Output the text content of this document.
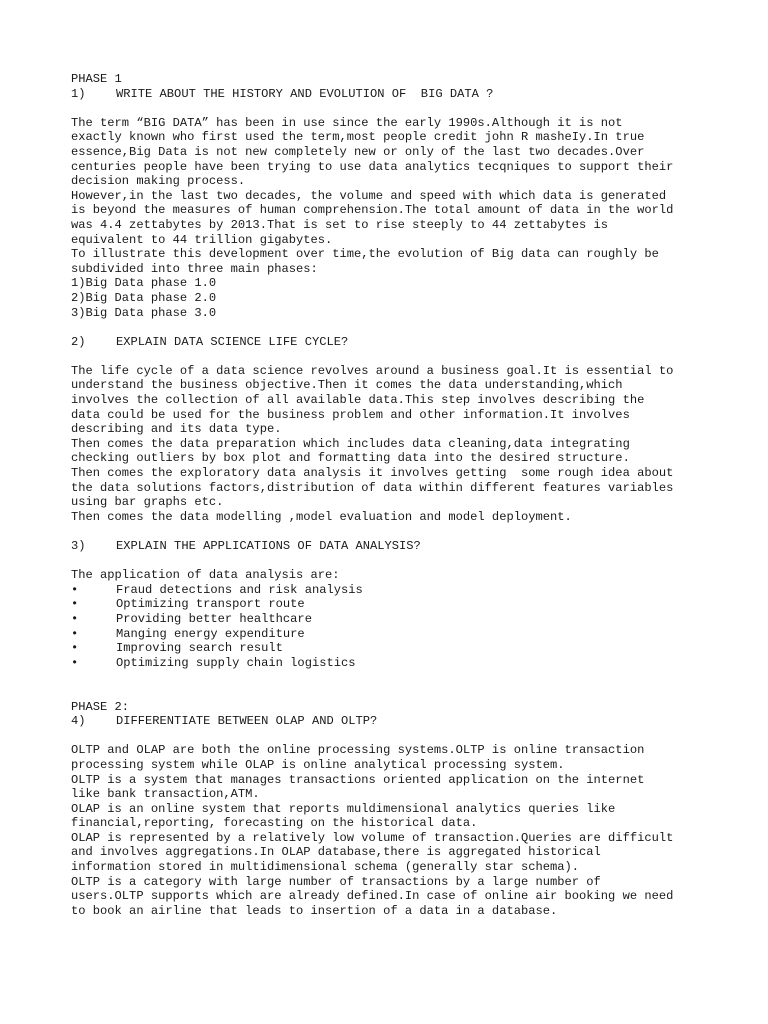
PHASE 1
1)	WRITE ABOUT THE HISTORY AND EVOLUTION OF  BIG DATA ?
The term “BIG DATA” has been in use since the early 1990s.Although it is not
exactly known who first used the term,most people credit john R masheIy.In true
essence,Big Data is not new completely new or only of the last two decades.Over
centuries people have been trying to use data analytics tecqniques to support their
decision making process.
However,in the last two decades, the volume and speed with which data is generated
is beyond the measures of human comprehension.The total amount of data in the world
was 4.4 zettabytes by 2013.That is set to rise steeply to 44 zettabytes is
equivalent to 44 trillion gigabytes.
To illustrate this development over time,the evolution of Big data can roughly be
subdivided into three main phases:
1)Big Data phase 1.0
2)Big Data phase 2.0
3)Big Data phase 3.0
2)	EXPLAIN DATA SCIENCE LIFE CYCLE?
The life cycle of a data science revolves around a business goal.It is essential to
understand the business objective.Then it comes the data understanding,which
involves the collection of all available data.This step involves describing the
data could be used for the business problem and other information.It involves
describing and its data type.
Then comes the data preparation which includes data cleaning,data integrating
checking outliers by box plot and formatting data into the desired structure.
Then comes the exploratory data analysis it involves getting  some rough idea about
the data solutions factors,distribution of data within different features variables
using bar graphs etc.
Then comes the data modelling ,model evaluation and model deployment.
3)	EXPLAIN THE APPLICATIONS OF DATA ANALYSIS?
The application of data analysis are:
•	Fraud detections and risk analysis
•	Optimizing transport route
•	Providing better healthcare
•	Manging energy expenditure
•	Improving search result
•	Optimizing supply chain logistics
PHASE 2:
4)	DIFFERENTIATE BETWEEN OLAP AND OLTP?
OLTP and OLAP are both the online processing systems.OLTP is online transaction
processing system while OLAP is online analytical processing system.
OLTP is a system that manages transactions oriented application on the internet
like bank transaction,ATM.
OLAP is an online system that reports muldimensional analytics queries like
financial,reporting, forecasting on the historical data.
OLAP is represented by a relatively low volume of transaction.Queries are difficult
and involves aggregations.In OLAP database,there is aggregated historical
information stored in multidimensional schema (generally star schema).
OLTP is a category with large number of transactions by a large number of
users.OLTP supports which are already defined.In case of online air booking we need
to book an airline that leads to insertion of a data in a database.
